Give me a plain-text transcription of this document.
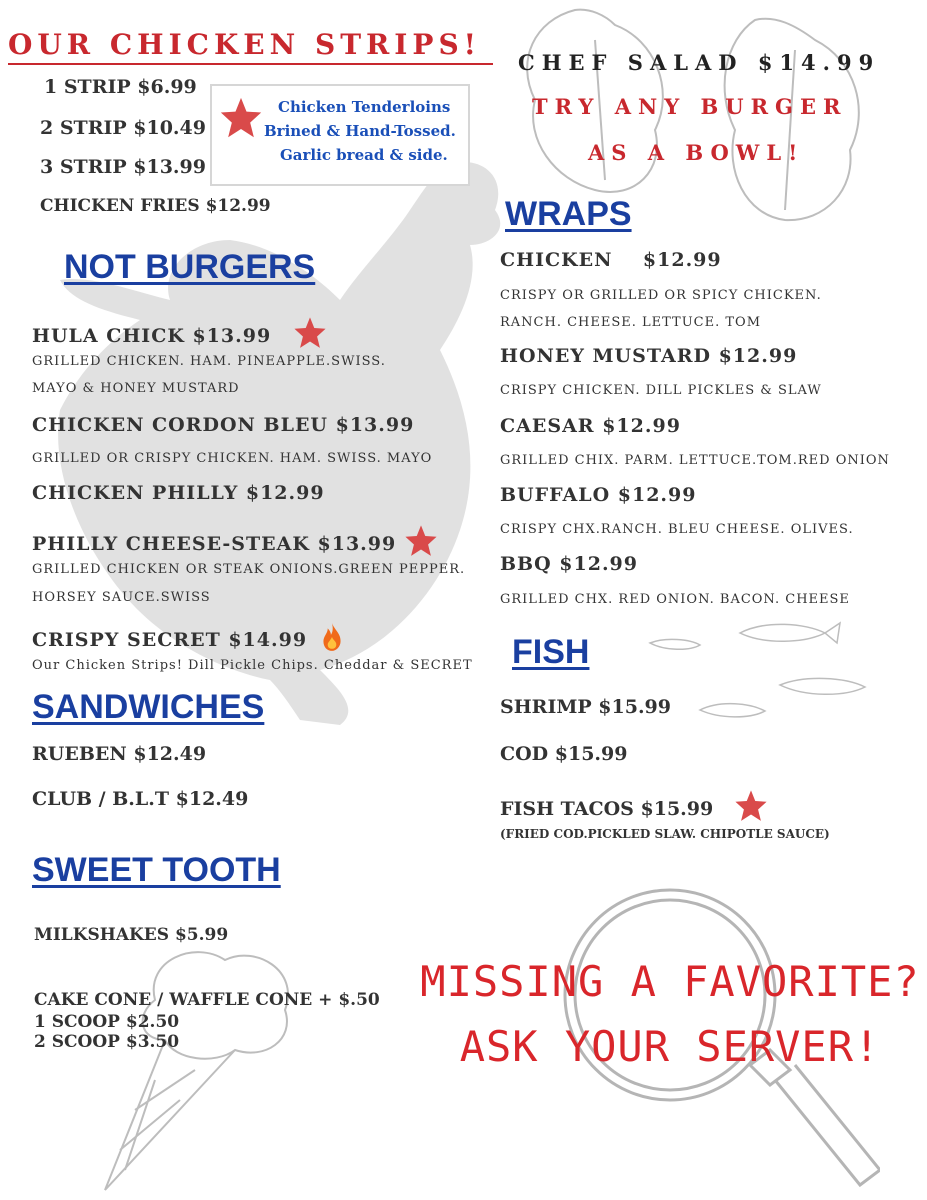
OUR CHICKEN STRIPS!
1 STRIP $6.99
2 STRIP $10.49
3 STRIP $13.99
CHICKEN FRIES $12.99
Chicken Tenderloins
Brined & Hand-Tossed.
Garlic bread & side.
CHEF SALAD $14.99
TRY ANY BURGER
AS A BOWL!
NOT BURGERS
HULA CHICK $13.99
GRILLED CHICKEN. HAM. PINEAPPLE.SWISS.
MAYO & HONEY MUSTARD
CHICKEN CORDON BLEU $13.99
GRILLED OR CRISPY CHICKEN. HAM. SWISS. MAYO
CHICKEN PHILLY $12.99
PHILLY CHEESE-STEAK $13.99
GRILLED CHICKEN OR STEAK ONIONS.GREEN PEPPER.
HORSEY SAUCE.SWISS
CRISPY SECRET $14.99
Our Chicken Strips! Dill Pickle Chips. Cheddar & SECRET
SANDWICHES
RUEBEN $12.49
CLUB / B.L.T $12.49
SWEET TOOTH
MILKSHAKES $5.99
CAKE CONE / WAFFLE CONE + $.50
1 SCOOP $2.50
2 SCOOP $3.50
WRAPS
CHICKEN    $12.99
CRISPY OR GRILLED OR SPICY CHICKEN.
RANCH. CHEESE. LETTUCE. TOM
HONEY MUSTARD $12.99
CRISPY CHICKEN. DILL PICKLES & SLAW
CAESAR $12.99
GRILLED CHIX. PARM. LETTUCE.TOM.RED ONION
BUFFALO $12.99
CRISPY CHX.RANCH. BLEU CHEESE. OLIVES.
BBQ $12.99
GRILLED CHX. RED ONION. BACON. CHEESE
FISH
SHRIMP $15.99
COD $15.99
FISH TACOS $15.99
(FRIED COD.PICKLED SLAW. CHIPOTLE SAUCE)
MISSING A FAVORITE?
ASK YOUR SERVER!
